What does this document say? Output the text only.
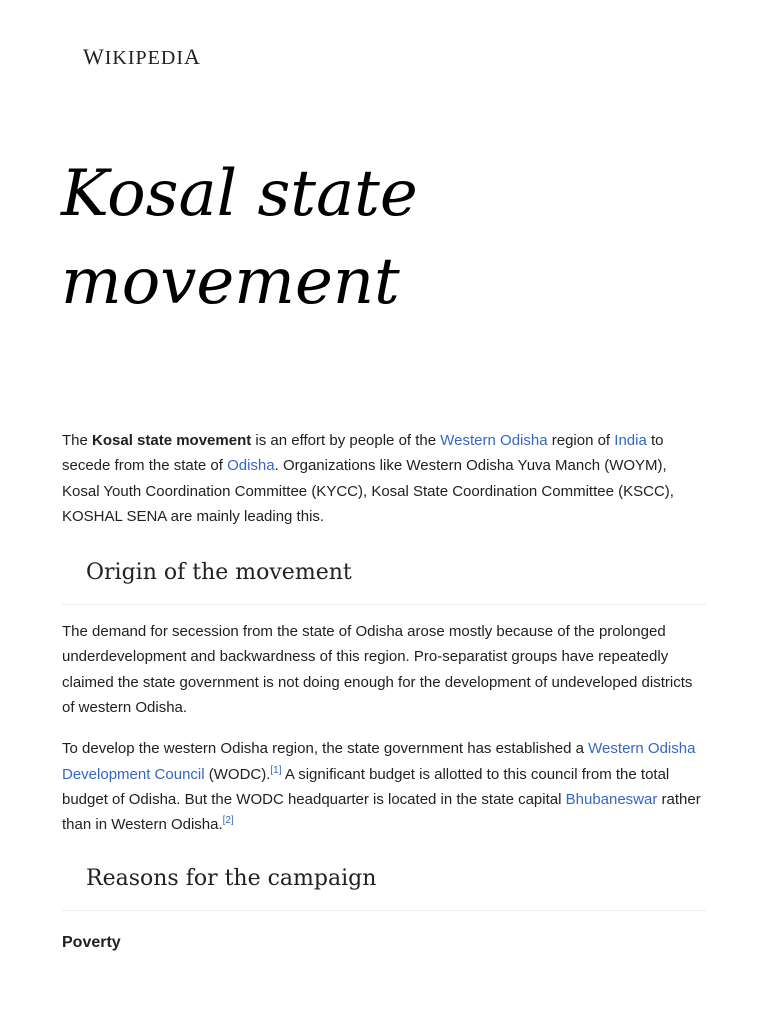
WIKIPEDIA
Kosal state movement

The Kosal state movement is an effort by people of the Western Odisha region of India to secede from the state of Odisha. Organizations like Western Odisha Yuva Manch (WOYM), Kosal Youth Coordination Committee (KYCC), Kosal State Coordination Committee (KSCC), KOSHAL SENA are mainly leading this.

Origin of the movement

The demand for secession from the state of Odisha arose mostly because of the prolonged underdevelopment and backwardness of this region. Pro-separatist groups have repeatedly claimed the state government is not doing enough for the development of undeveloped districts of western Odisha.

To develop the western Odisha region, the state government has established a Western Odisha Development Council (WODC).[1] A significant budget is allotted to this council from the total budget of Odisha. But the WODC headquarter is located in the state capital Bhubaneswar rather than in Western Odisha.[2]

Reasons for the campaign
Poverty
